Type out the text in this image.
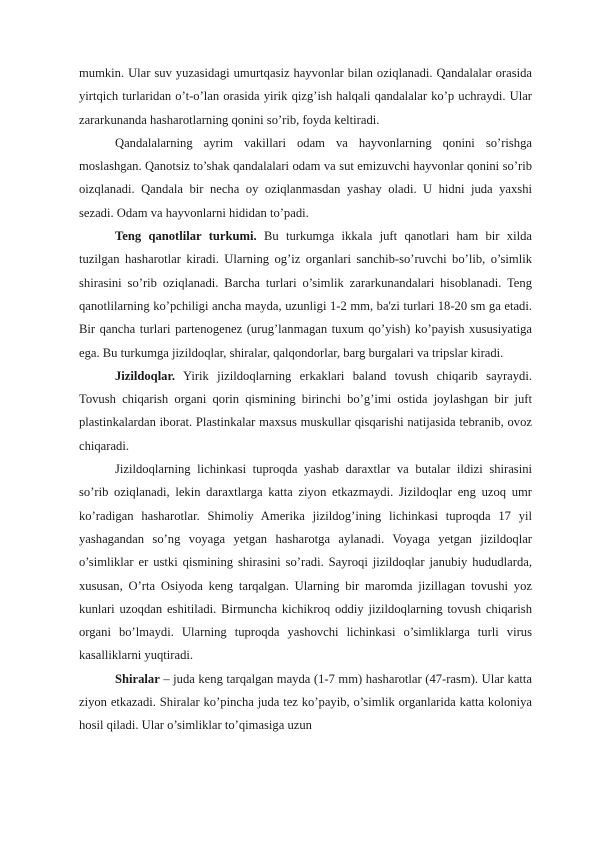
mumkin. Ular suv yuzasidagi umurtqasiz hayvonlar bilan oziqlanadi. Qandalalar orasida yirtqich turlaridan o’t-o’lan orasida yirik qizg’ish halqali qandalalar ko’p uchraydi. Ular zararkunanda hasharotlarning qonini so’rib, foyda keltiradi.

Qandalalarning ayrim vakillari odam va hayvonlarning qonini so’rishga moslashgan. Qanotsiz to’shak qandalalari odam va sut emizuvchi hayvonlar qonini so’rib oizqlanadi. Qandala bir necha oy oziqlanmasdan yashay oladi. U hidni juda yaxshi sezadi. Odam va hayvonlarni hididan to’padi.

Teng qanotlilar turkumi. Bu turkumga ikkala juft qanotlari ham bir xilda tuzilgan hasharotlar kiradi. Ularning og’iz organlari sanchib-so’ruvchi bo’lib, o’simlik shirasini so’rib oziqlanadi. Barcha turlari o’simlik zararkunandalari hisoblanadi. Teng qanotlilarning ko’pchiligi ancha mayda, uzunligi 1-2 mm, ba'zi turlari 18-20 sm ga etadi. Bir qancha turlari partenogenez (urug’lanmagan tuxum qo’yish) ko’payish xususiyatiga ega. Bu turkumga jizildoqlar, shiralar, qalqondorlar, barg burgalari va tripslar kiradi.

Jizildoqlar. Yirik jizildoqlarning erkaklari baland tovush chiqarib sayraydi. Tovush chiqarish organi qorin qismining birinchi bo’g’imi ostida joylashgan bir juft plastinkalardan iborat. Plastinkalar maxsus muskullar qisqarishi natijasida tebranib, ovoz chiqaradi.

Jizildoqlarning lichinkasi tuproqda yashab daraxtlar va butalar ildizi shirasini so’rib oziqlanadi, lekin daraxtlarga katta ziyon etkazmaydi. Jizildoqlar eng uzoq umr ko’radigan hasharotlar. Shimoliy Amerika jizildog’ining lichinkasi tuproqda 17 yil yashagandan so’ng voyaga yetgan hasharotga aylanadi. Voyaga yetgan jizildoqlar o’simliklar er ustki qismining shirasini so’radi. Sayroqi jizildoqlar janubiy hududlarda, xususan, O’rta Osiyoda keng tarqalgan. Ularning bir maromda jizillagan tovushi yoz kunlari uzoqdan eshitiladi. Birmuncha kichikroq oddiy jizildoqlarning tovush chiqarish organi bo’lmaydi. Ularning tuproqda yashovchi lichinkasi o’simliklarga turli virus kasalliklarni yuqtiradi.

Shiralar – juda keng tarqalgan mayda (1-7 mm) hasharotlar (47-rasm). Ular katta ziyon etkazadi. Shiralar ko’pincha juda tez ko’payib, o’simlik organlarida katta koloniya hosil qiladi. Ular o’simliklar to’qimasiga uzun
